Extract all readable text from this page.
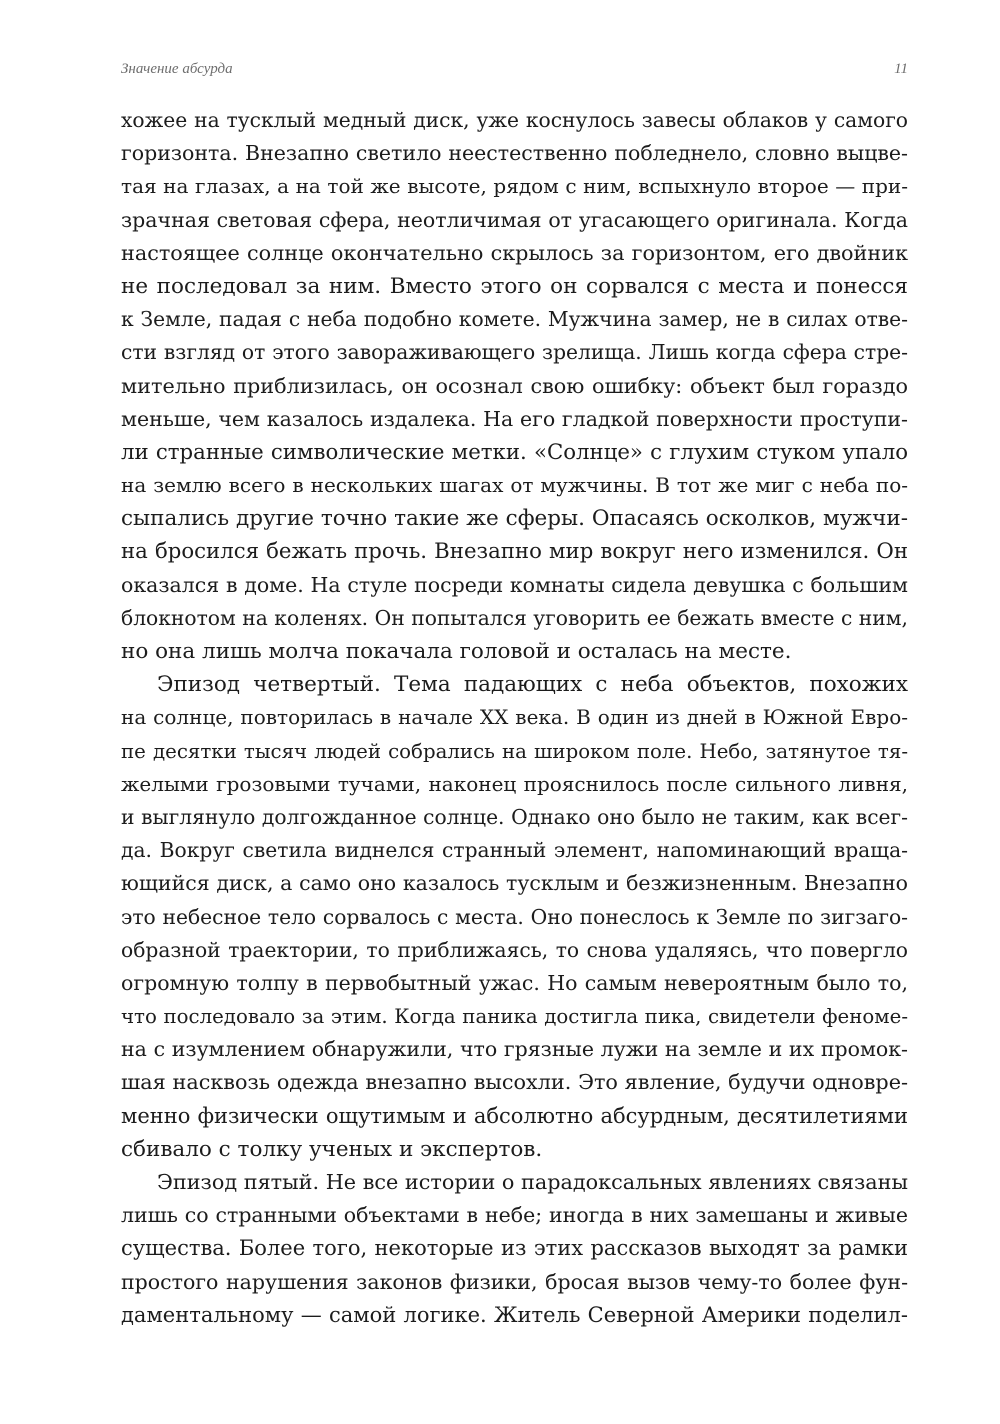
Значение абсурда	11

хожее на тусклый медный диск, уже коснулось завесы облаков у самого
горизонта. Внезапно светило неестественно побледнело, словно выцве-
тая на глазах, а на той же высоте, рядом с ним, вспыхнуло второе — при-
зрачная световая сфера, неотличимая от угасающего оригинала. Когда
настоящее солнце окончательно скрылось за горизонтом, его двойник
не последовал за ним. Вместо этого он сорвался с места и понесся
к Земле, падая с неба подобно комете. Мужчина замер, не в силах отве-
сти взгляд от этого завораживающего зрелища. Лишь когда сфера стре-
мительно приблизилась, он осознал свою ошибку: объект был гораздо
меньше, чем казалось издалека. На его гладкой поверхности проступи-
ли странные символические метки. «Солнце» с глухим стуком упало
на землю всего в нескольких шагах от мужчины. В тот же миг с неба по-
сыпались другие точно такие же сферы. Опасаясь осколков, мужчи-
на бросился бежать прочь. Внезапно мир вокруг него изменился. Он
оказался в доме. На стуле посреди комнаты сидела девушка с большим
блокнотом на коленях. Он попытался уговорить ее бежать вместе с ним,
но она лишь молча покачала головой и осталась на месте.

Эпизод четвертый. Тема падающих с неба объектов, похожих
на солнце, повторилась в начале XX века. В один из дней в Южной Евро-
пе десятки тысяч людей собрались на широком поле. Небо, затянутое тя-
желыми грозовыми тучами, наконец прояснилось после сильного ливня,
и выглянуло долгожданное солнце. Однако оно было не таким, как всег-
да. Вокруг светила виднелся странный элемент, напоминающий враща-
ющийся диск, а само оно казалось тусклым и безжизненным. Внезапно
это небесное тело сорвалось с места. Оно понеслось к Земле по зигзаго-
образной траектории, то приближаясь, то снова удаляясь, что повергло
огромную толпу в первобытный ужас. Но самым невероятным было то,
что последовало за этим. Когда паника достигла пика, свидетели феноме-
на с изумлением обнаружили, что грязные лужи на земле и их промок-
шая насквозь одежда внезапно высохли. Это явление, будучи одновре-
менно физически ощутимым и абсолютно абсурдным, десятилетиями
сбивало с толку ученых и экспертов.

Эпизод пятый. Не все истории о парадоксальных явлениях связаны
лишь со странными объектами в небе; иногда в них замешаны и живые
существа. Более того, некоторые из этих рассказов выходят за рамки
простого нарушения законов физики, бросая вызов чему-то более фун-
даментальному — самой логике. Житель Северной Америки поделил-
